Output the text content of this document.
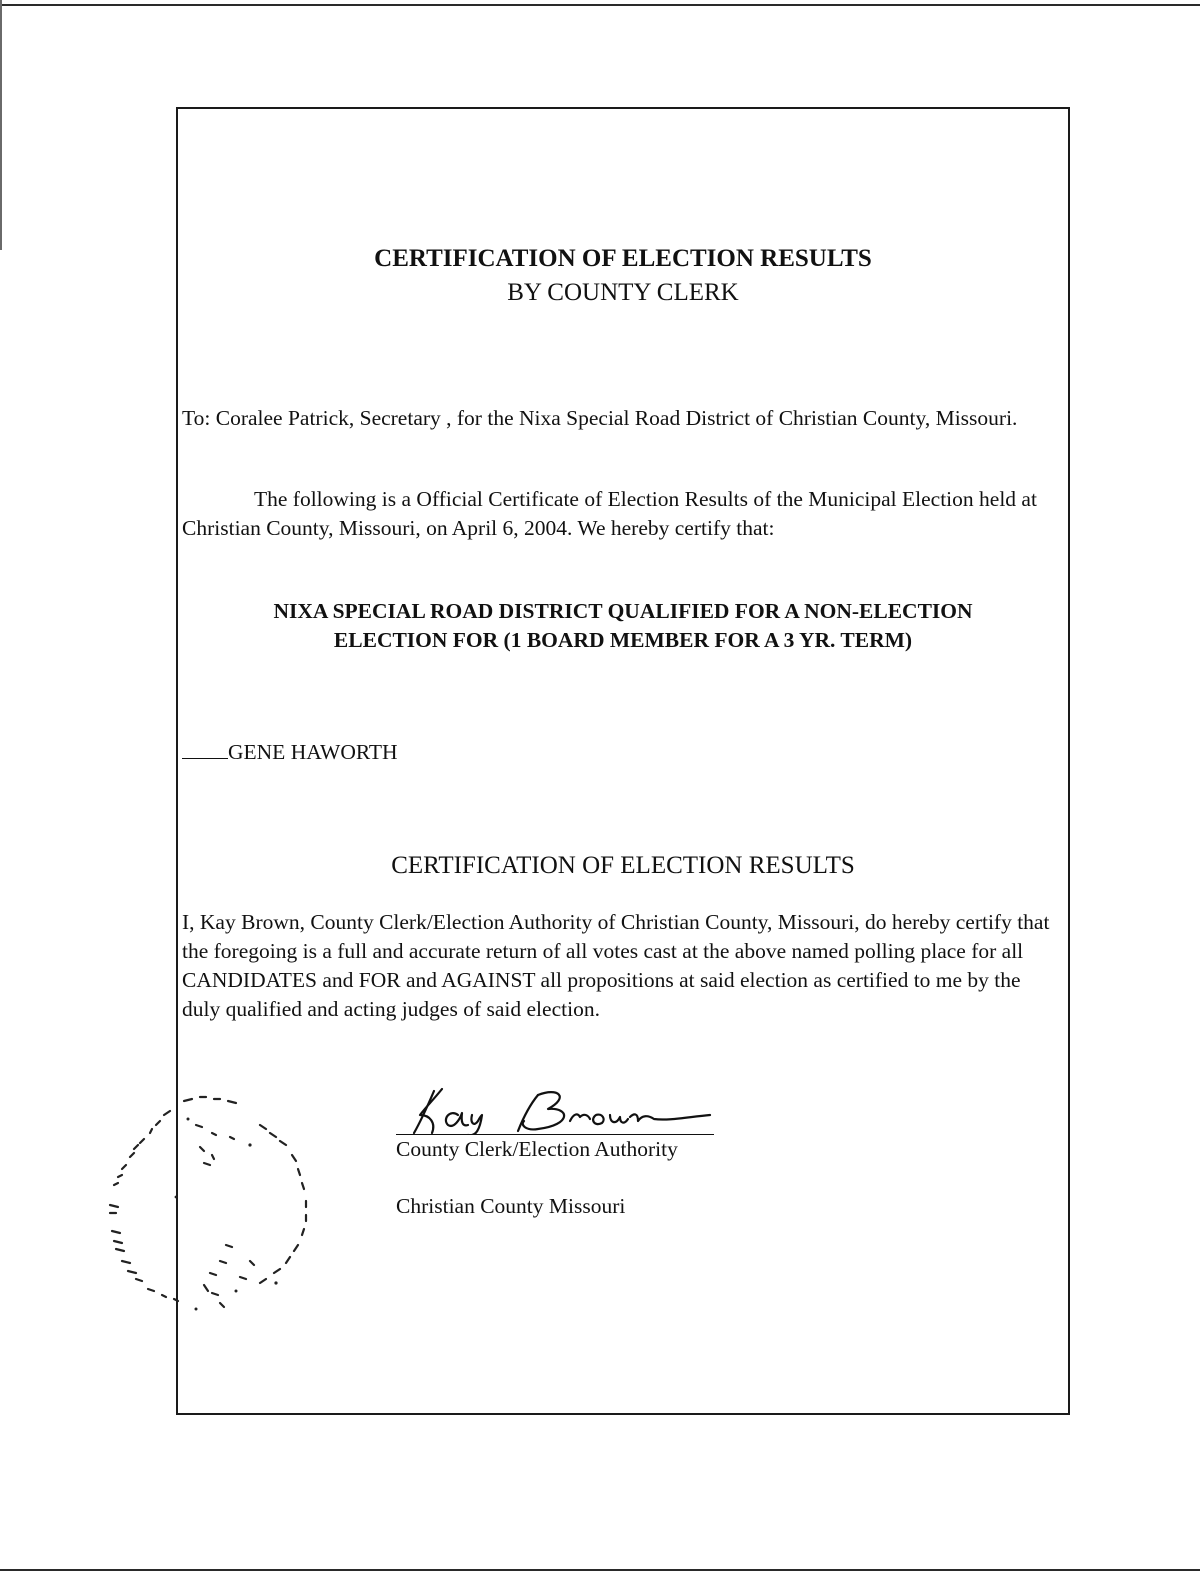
CERTIFICATION OF ELECTION RESULTS
BY COUNTY CLERK
To: Coralee Patrick, Secretary , for the Nixa Special Road District of Christian County, Missouri.
The following is a Official Certificate of Election Results of the Municipal Election held at Christian County, Missouri, on April 6, 2004. We hereby certify that:
NIXA SPECIAL ROAD DISTRICT QUALIFIED FOR A NON-ELECTION
ELECTION FOR (1 BOARD MEMBER FOR A 3 YR. TERM)
GENE HAWORTH
CERTIFICATION OF ELECTION RESULTS
I, Kay Brown, County Clerk/Election Authority of Christian County, Missouri, do hereby certify that the foregoing is a full and accurate return of all votes cast at the above named polling place for all CANDIDATES and FOR and AGAINST all propositions at said election as certified to me by the duly qualified and acting judges of said election.
County Clerk/Election Authority
Christian County Missouri
